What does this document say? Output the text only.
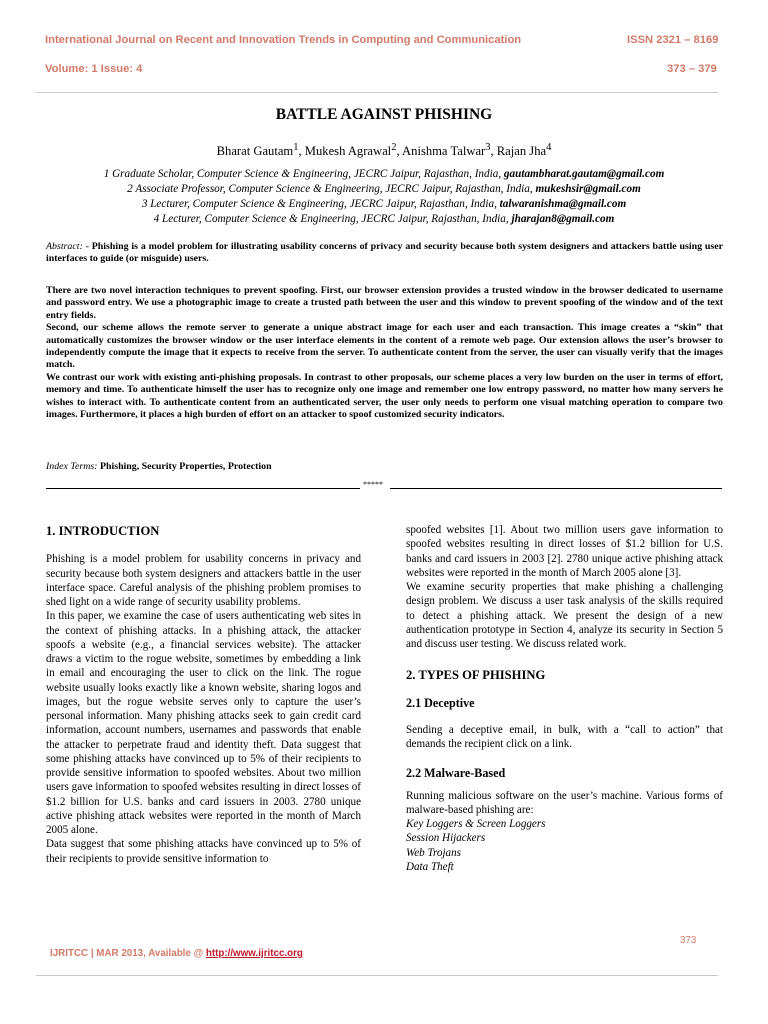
International Journal on Recent and Innovation Trends in Computing and Communication	ISSN 2321 – 8169
Volume: 1 Issue: 4	373 – 379
BATTLE AGAINST PHISHING
Bharat Gautam$^1$, Mukesh Agrawal$^2$, Anishma Talwar$^3$, Rajan Jha$^4$
1 Graduate Scholar, Computer Science & Engineering, JECRC Jaipur, Rajasthan, India, gautambharat.gautam@gmail.com
2 Associate Professor, Computer Science & Engineering, JECRC Jaipur, Rajasthan, India, mukeshsir@gmail.com
3 Lecturer, Computer Science & Engineering, JECRC Jaipur, Rajasthan, India, talwaranishma@gmail.com
4 Lecturer, Computer Science & Engineering, JECRC Jaipur, Rajasthan, India, jharajan8@gmail.com

Abstract: - Phishing is a model problem for illustrating usability concerns of privacy and security because both system designers and attackers battle using user interfaces to guide (or misguide) users.

There are two novel interaction techniques to prevent spoofing. First, our browser extension provides a trusted window in the browser dedicated to username and password entry. We use a photographic image to create a trusted path between the user and this window to prevent spoofing of the window and of the text entry fields.

Second, our scheme allows the remote server to generate a unique abstract image for each user and each transaction. This image creates a “skin” that automatically customizes the browser window or the user interface elements in the content of a remote web page. Our extension allows the user’s browser to independently compute the image that it expects to receive from the server. To authenticate content from the server, the user can visually verify that the images match.

We contrast our work with existing anti-phishing proposals. In contrast to other proposals, our scheme places a very low burden on the user in terms of effort, memory and time. To authenticate himself the user has to recognize only one image and remember one low entropy password, no matter how many servers he wishes to interact with. To authenticate content from an authenticated server, the user only needs to perform one visual matching operation to compare two images. Furthermore, it places a high burden of effort on an attacker to spoof customized security indicators.

Index Terms: Phishing, Security Properties, Protection

*****
1. INTRODUCTION

Phishing is a model problem for usability concerns in privacy and security because both system designers and attackers battle in the user interface space. Careful analysis of the phishing problem promises to shed light on a wide range of security usability problems.

In this paper, we examine the case of users authenticating web sites in the context of phishing attacks. In a phishing attack, the attacker spoofs a website (e.g., a financial services website). The attacker draws a victim to the rogue website, sometimes by embedding a link in email and encouraging the user to click on the link. The rogue website usually looks exactly like a known website, sharing logos and images, but the rogue website serves only to capture the user’s personal information. Many phishing attacks seek to gain credit card information, account numbers, usernames and passwords that enable the attacker to perpetrate fraud and identity theft. Data suggest that some phishing attacks have convinced up to 5% of their recipients to provide sensitive information to spoofed websites. About two million users gave information to spoofed websites resulting in direct losses of $1.2 billion for U.S. banks and card issuers in 2003. 2780 unique active phishing attack websites were reported in the month of March 2005 alone.

Data suggest that some phishing attacks have convinced up to 5% of their recipients to provide sensitive information to

spoofed websites [1]. About two million users gave information to spoofed websites resulting in direct losses of $1.2 billion for U.S. banks and card issuers in 2003 [2]. 2780 unique active phishing attack websites were reported in the month of March 2005 alone [3].

We examine security properties that make phishing a challenging design problem. We discuss a user task analysis of the skills required to detect a phishing attack. We present the design of a new authentication prototype in Section 4, analyze its security in Section 5 and discuss user testing. We discuss related work.

2. TYPES OF PHISHING
2.1 Deceptive

Sending a deceptive email, in bulk, with a “call to action” that demands the recipient click on a link.

2.2 Malware-Based

Running malicious software on the user’s machine. Various forms of malware-based phishing are:

Key Loggers & Screen Loggers
Session Hijackers
Web Trojans
Data Theft
373
IJRITCC | MAR 2013, Available @ http://www.ijritcc.org
